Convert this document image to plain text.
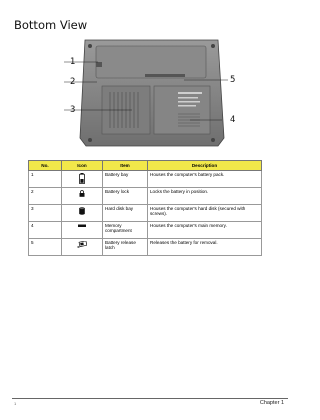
Bottom View
1
2	5
3
4
No.	Icon	Item	Description
1		Battery bay	Houses the computer's battery pack.
2		Battery lock	Locks the battery in position.
3		Hard disk bay	Houses the computer's hard disk (secured with screws).
4		Memory compartment	Houses the computer's main memory.
5		Battery release latch	Releases the battery for removal.
1	Chapter 1
